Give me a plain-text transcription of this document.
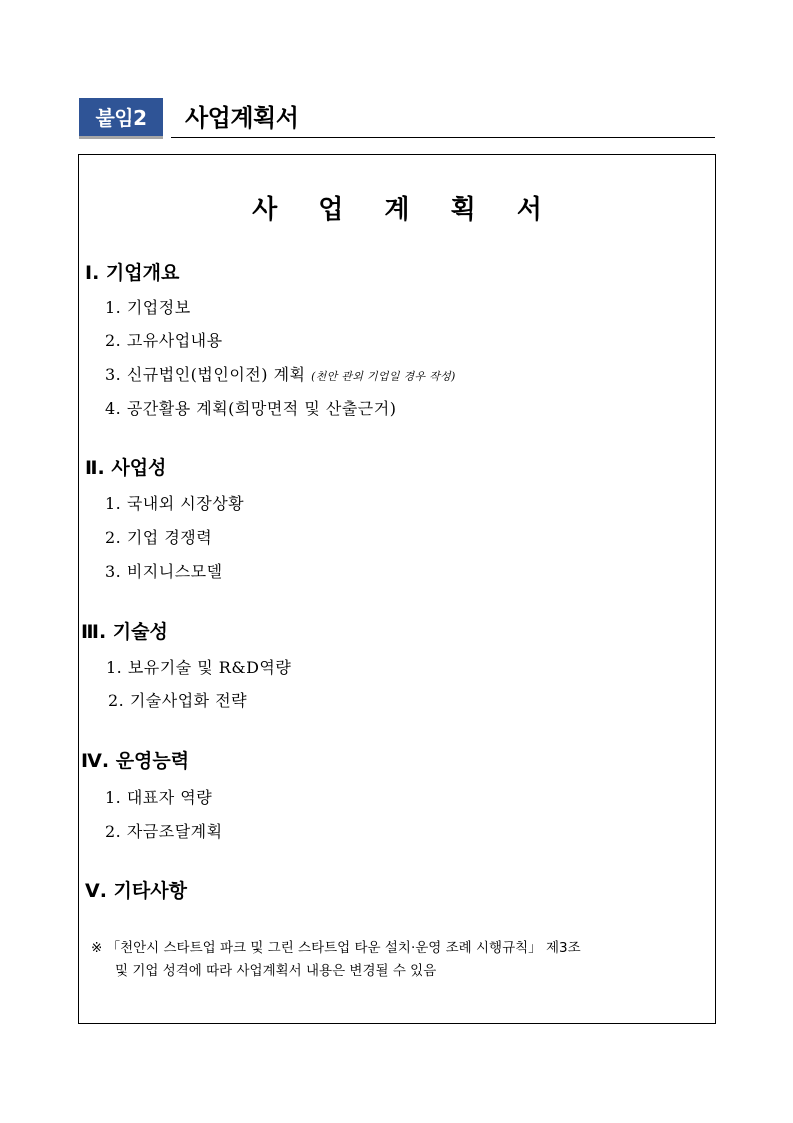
붙임2	사업계획서
사 업 계 획 서
Ⅰ. 기업개요
1. 기업정보
2. 고유사업내용
3. 신규법인(법인이전) 계획 (천안 관외 기업일 경우 작성)
4. 공간활용 계획(희망면적 및 산출근거)
Ⅱ. 사업성
1. 국내외 시장상황
2. 기업 경쟁력
3. 비지니스모델
Ⅲ. 기술성
1. 보유기술 및 R&D역량
2. 기술사업화 전략
Ⅳ. 운영능력
1. 대표자 역량
2. 자금조달계획
Ⅴ. 기타사항
※ 「천안시 스타트업 파크 및 그린 스타트업 타운 설치·운영 조례 시행규칙」 제3조
및 기업 성격에 따라 사업계획서 내용은 변경될 수 있음
